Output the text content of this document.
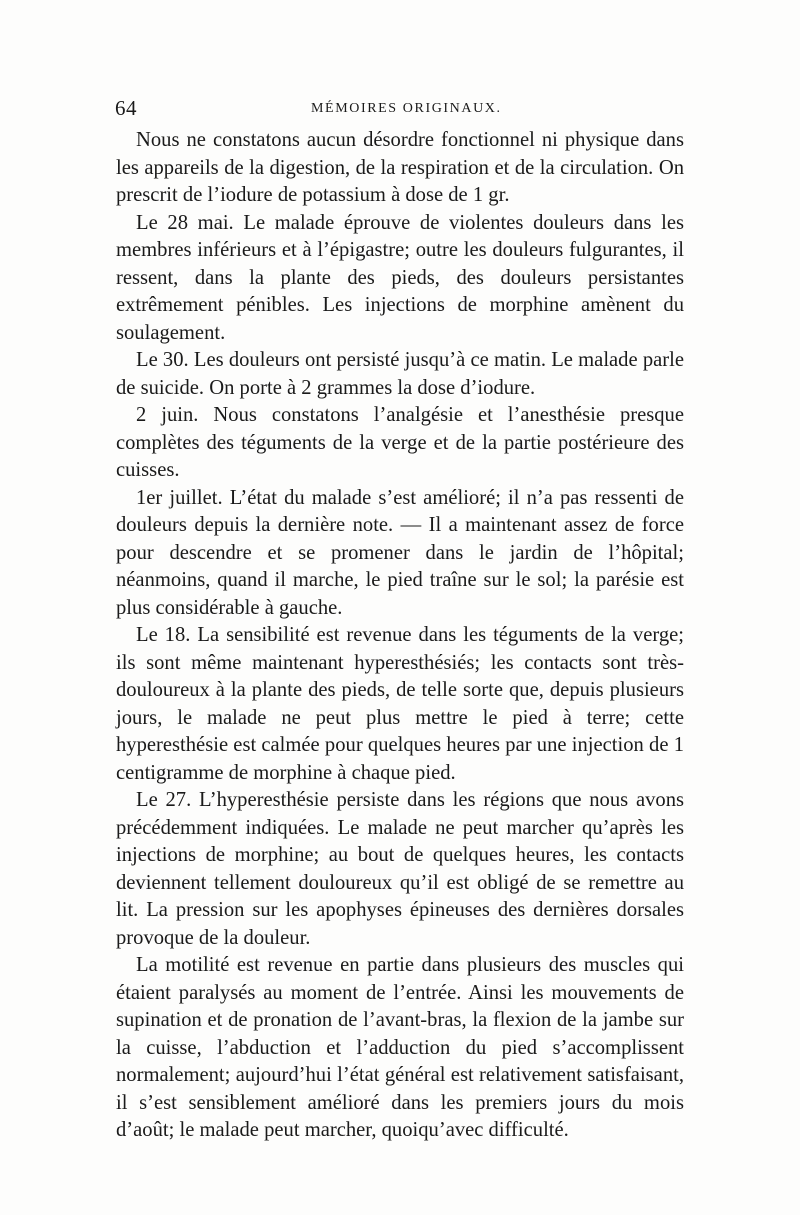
64	MÉMOIRES ORIGINAUX.

Nous ne constatons aucun désordre fonctionnel ni physique dans les appareils de la digestion, de la respiration et de la circulation. On prescrit de l’iodure de potassium à dose de 1 gr.

Le 28 mai. Le malade éprouve de violentes douleurs dans les membres inférieurs et à l’épigastre; outre les douleurs fulgurantes, il ressent, dans la plante des pieds, des douleurs persistantes extrêmement pénibles. Les injections de morphine amènent du soulagement.

Le 30. Les douleurs ont persisté jusqu’à ce matin. Le malade parle de suicide. On porte à 2 grammes la dose d’iodure.

2 juin. Nous constatons l’analgésie et l’anesthésie presque complètes des téguments de la verge et de la partie postérieure des cuisses.

1er juillet. L’état du malade s’est amélioré; il n’a pas ressenti de douleurs depuis la dernière note. — Il a maintenant assez de force pour descendre et se promener dans le jardin de l’hôpital; néanmoins, quand il marche, le pied traîne sur le sol; la parésie est plus considérable à gauche.

Le 18. La sensibilité est revenue dans les téguments de la verge; ils sont même maintenant hyperesthésiés; les contacts sont très-douloureux à la plante des pieds, de telle sorte que, depuis plusieurs jours, le malade ne peut plus mettre le pied à terre; cette hyperesthésie est calmée pour quelques heures par une injection de 1 centigramme de morphine à chaque pied.

Le 27. L’hyperesthésie persiste dans les régions que nous avons précédemment indiquées. Le malade ne peut marcher qu’après les injections de morphine; au bout de quelques heures, les contacts deviennent tellement douloureux qu’il est obligé de se remettre au lit. La pression sur les apophyses épineuses des dernières dorsales provoque de la douleur.

La motilité est revenue en partie dans plusieurs des muscles qui étaient paralysés au moment de l’entrée. Ainsi les mouvements de supination et de pronation de l’avant-bras, la flexion de la jambe sur la cuisse, l’abduction et l’adduction du pied s’accomplissent normalement; aujourd’hui l’état général est relativement satisfaisant, il s’est sensiblement amélioré dans les premiers jours du mois d’août; le malade peut marcher, quoiqu’avec difficulté.
